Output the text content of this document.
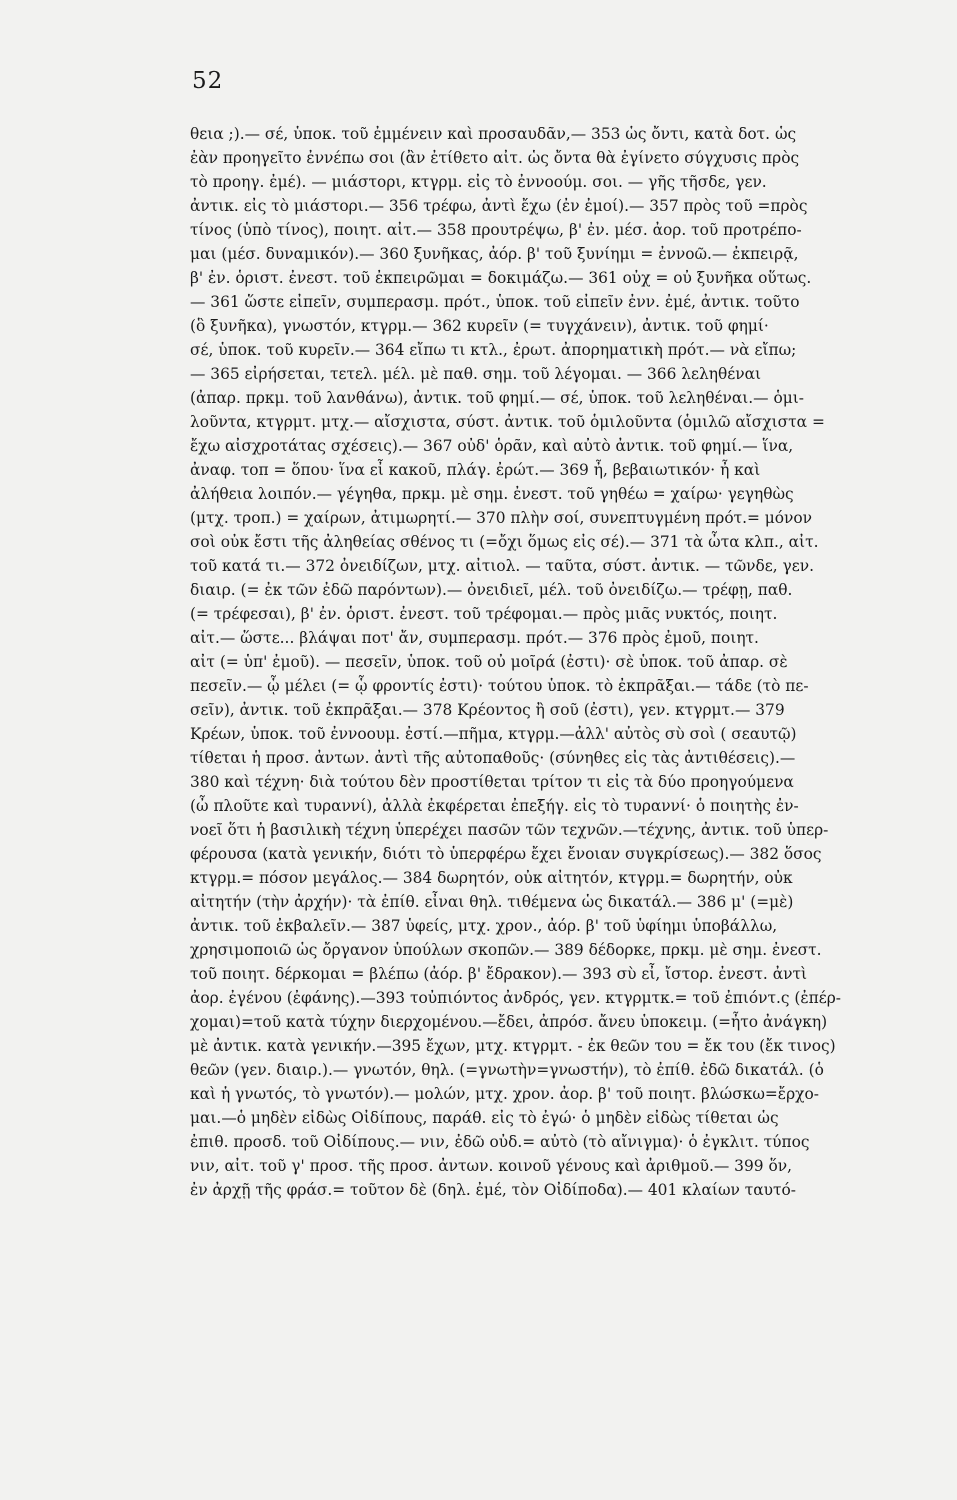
52
θεια ;).— σέ, ὑποκ. τοῦ ἐμμένειν καὶ προσαυδᾶν,— 353 ὡς ὄντι, κατὰ δοτ. ὡς
ἐὰν προηγεῖτο ἐννέπω σοι (ἂν ἐτίθετο αἰτ. ὡς ὄντα θὰ ἐγίνετο σύγχυσις πρὸς
τὸ προηγ. ἐμέ). — μιάστορι, κτγρμ. εἰς τὸ ἐννοούμ. σοι. — γῆς τῆσδε, γεν.
ἀντικ. εἰς τὸ μιάστορι.— 356 τρέφω, ἀντὶ ἔχω (ἐν ἐμοί).— 357 πρὸς τοῦ =πρὸς
τίνος (ὑπὸ τίνος), ποιητ. αἰτ.— 358 προυτρέψω, β' ἐν. μέσ. ἀορ. τοῦ προτρέπο-
μαι (μέσ. δυναμικόν).— 360 ξυνῆκας, ἀόρ. β' τοῦ ξυνίημι = ἐννοῶ.— ἐκπειρᾷ,
β' ἐν. ὁριστ. ἐνεστ. τοῦ ἐκπειρῶμαι = δοκιμάζω.— 361 οὐχ = οὐ ξυνῆκα οὕτως.
— 361 ὥστε εἰπεῖν, συμπερασμ. πρότ., ὑποκ. τοῦ εἰπεῖν ἐνν. ἐμέ, ἀντικ. τοῦτο
(ὃ ξυνῆκα), γνωστόν, κτγρμ.— 362 κυρεῖν (= τυγχάνειν), ἀντικ. τοῦ φημί·
σέ, ὑποκ. τοῦ κυρεῖν.— 364 εἴπω τι κτλ., ἐρωτ. ἀπορηματικὴ πρότ.— νὰ εἴπω;
— 365 εἰρήσεται, τετελ. μέλ. μὲ παθ. σημ. τοῦ λέγομαι. — 366 λεληθέναι
(ἀπαρ. πρκμ. τοῦ λανθάνω), ἀντικ. τοῦ φημί.— σέ, ὑποκ. τοῦ λεληθέναι.— ὁμι-
λοῦντα, κτγρμτ. μτχ.— αἴσχιστα, σύστ. ἀντικ. τοῦ ὁμιλοῦντα (ὁμιλῶ αἴσχιστα =
ἔχω αἰσχροτάτας σχέσεις).— 367 οὐδ' ὁρᾶν, καὶ αὐτὸ ἀντικ. τοῦ φημί.— ἵνα,
ἀναφ. τοπ = ὅπου· ἵνα εἶ κακοῦ, πλάγ. ἐρώτ.— 369 ἦ, βεβαιωτικόν· ἦ καὶ
ἀλήθεια λοιπόν.— γέγηθα, πρκμ. μὲ σημ. ἐνεστ. τοῦ γηθέω = χαίρω· γεγηθὼς
(μτχ. τροπ.) = χαίρων, ἀτιμωρητί.— 370 πλὴν σοί, συνεπτυγμένη πρότ.= μόνον
σοὶ οὐκ ἔστι τῆς ἀληθείας σθένος τι (=ὄχι ὅμως εἰς σέ).— 371 τὰ ὦτα κλπ., αἰτ.
τοῦ κατά τι.— 372 ὀνειδίζων, μτχ. αἰτιολ. — ταῦτα, σύστ. ἀντικ. — τῶνδε, γεν.
διαιρ. (= ἐκ τῶν ἐδῶ παρόντων).— ὀνειδιεῖ, μέλ. τοῦ ὀνειδίζω.— τρέφῃ, παθ.
(= τρέφεσαι), β' ἐν. ὁριστ. ἐνεστ. τοῦ τρέφομαι.— πρὸς μιᾶς νυκτός, ποιητ.
αἰτ.— ὥστε... βλάψαι ποτ' ἄν, συμπερασμ. πρότ.— 376 πρὸς ἐμοῦ, ποιητ.
αἰτ (= ὑπ' ἐμοῦ). — πεσεῖν, ὑποκ. τοῦ οὐ μοῖρά (ἐστι)· σὲ ὑποκ. τοῦ ἀπαρ. σὲ
πεσεῖν.— ᾧ μέλει (= ᾧ φροντίς ἐστι)· τούτου ὑποκ. τὸ ἐκπρᾶξαι.— τάδε (τὸ πε-
σεῖν), ἀντικ. τοῦ ἐκπρᾶξαι.— 378 Κρέοντος ἢ σοῦ (ἐστι), γεν. κτγρμτ.— 379
Κρέων, ὑποκ. τοῦ ἐννοουμ. ἐστί.—πῆμα, κτγρμ.—ἀλλ' αὐτὸς σὺ σοὶ ( σεαυτῷ)
τίθεται ἡ προσ. ἀντων. ἀντὶ τῆς αὐτοπαθοῦς· (σύνηθες εἰς τὰς ἀντιθέσεις).—
380 καὶ τέχνη· διὰ τούτου δὲν προστίθεται τρίτον τι εἰς τὰ δύο προηγούμενα
(ὦ πλοῦτε καὶ τυραννί), ἀλλὰ ἐκφέρεται ἐπεξήγ. εἰς τὸ τυραννί· ὁ ποιητὴς ἐν-
νοεῖ ὅτι ἡ βασιλικὴ τέχνη ὑπερέχει πασῶν τῶν τεχνῶν.—τέχνης, ἀντικ. τοῦ ὑπερ-
φέρουσα (κατὰ γενικήν, διότι τὸ ὑπερφέρω ἔχει ἔνοιαν συγκρίσεως).— 382 ὅσος
κτγρμ.= πόσον μεγάλος.— 384 δωρητόν, οὐκ αἰτητόν, κτγρμ.= δωρητήν, οὐκ
αἰτητήν (τὴν ἀρχήν)· τὰ ἐπίθ. εἶναι θηλ. τιθέμενα ὡς δικατάλ.— 386 μ' (=μὲ)
ἀντικ. τοῦ ἐκβαλεῖν.— 387 ὑφείς, μτχ. χρον., ἀόρ. β' τοῦ ὑφίημι ὑποβάλλω,
χρησιμοποιῶ ὡς ὄργανον ὑπούλων σκοπῶν.— 389 δέδορκε, πρκμ. μὲ σημ. ἐνεστ.
τοῦ ποιητ. δέρκομαι = βλέπω (ἀόρ. β' ἔδρακον).— 393 σὺ εἶ, ἴστορ. ἐνεστ. ἀντὶ
ἀορ. ἐγένου (ἐφάνης).—393 τοὐπιόντος ἀνδρός, γεν. κτγρμτκ.= τοῦ ἐπιόντ.ς (ἐπέρ-
χομαι)=τοῦ κατὰ τύχην διερχομένου.—ἔδει, ἀπρόσ. ἄνευ ὑποκειμ. (=ἦτο ἀνάγκη)
μὲ ἀντικ. κατὰ γενικήν.—395 ἔχων, μτχ. κτγρμτ. - ἐκ θεῶν του = ἔκ του (ἔκ τινος)
θεῶν (γεν. διαιρ.).— γνωτόν, θηλ. (=γνωτὴν=γνωστήν), τὸ ἐπίθ. ἐδῶ δικατάλ. (ὁ
καὶ ἡ γνωτός, τὸ γνωτόν).— μολών, μτχ. χρον. ἀορ. β' τοῦ ποιητ. βλώσκω=ἔρχο-
μαι.—ὁ μηδὲν εἰδὼς Οἰδίπους, παράθ. εἰς τὸ ἐγώ· ὁ μηδὲν εἰδὼς τίθεται ὡς
ἐπιθ. προσδ. τοῦ Οἰδίπους.— νιν, ἐδῶ οὐδ.= αὐτὸ (τὸ αἴνιγμα)· ὁ ἐγκλιτ. τύπος
νιν, αἰτ. τοῦ γ' προσ. τῆς προσ. ἀντων. κοινοῦ γένους καὶ ἀριθμοῦ.— 399 ὅν,
ἐν ἀρχῇ τῆς φράσ.= τοῦτον δὲ (δηλ. ἐμέ, τὸν Οἰδίποδα).— 401 κλαίων ταυτό-
